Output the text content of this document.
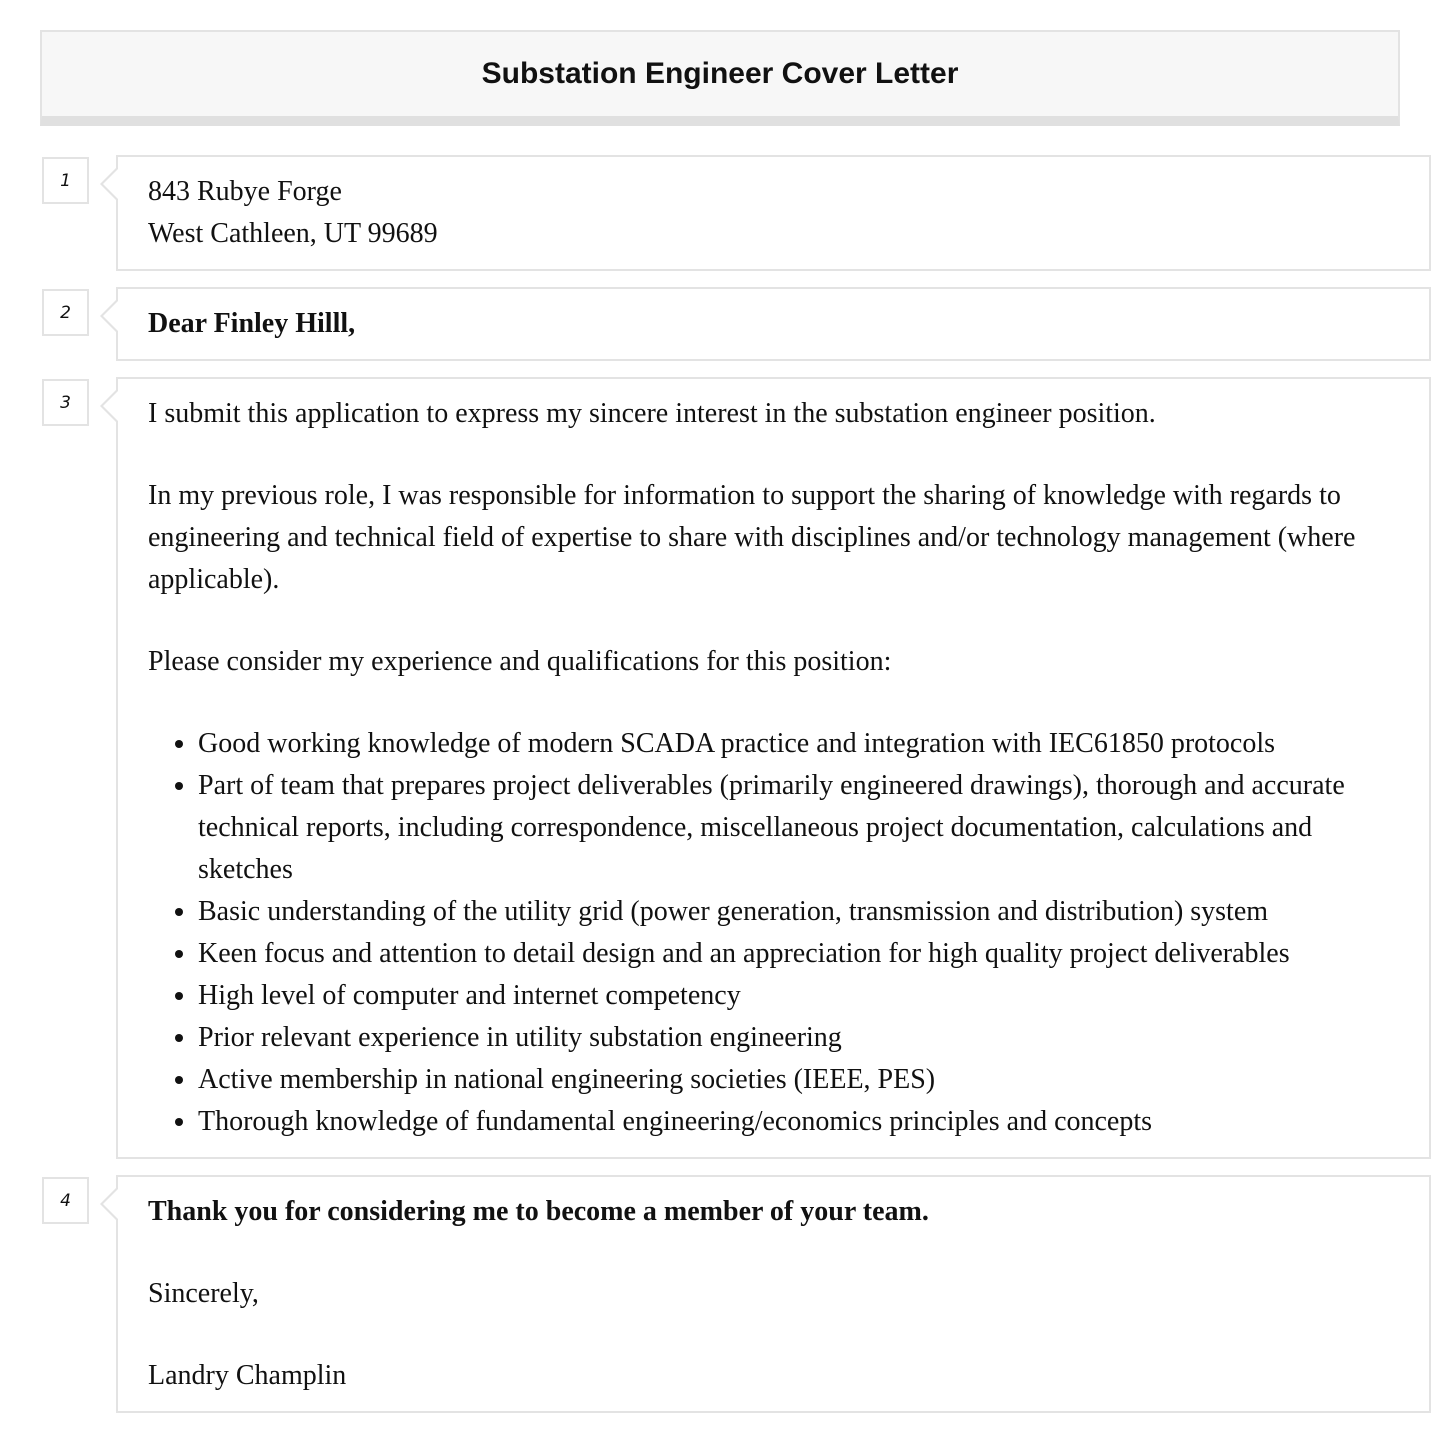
Substation Engineer Cover Letter
1	843 Rubye Forge

West Cathleen, UT 99689

2	Dear Finley Hilll,

3	I submit this application to express my sincere interest in the substation engineer position.

In my previous role, I was responsible for information to support the sharing of knowledge with regards to engineering and technical field of expertise to share with disciplines and/or technology management (where applicable).

Please consider my experience and qualifications for this position:

• Good working knowledge of modern SCADA practice and integration with IEC61850 protocols
• Part of team that prepares project deliverables (primarily engineered drawings), thorough and accurate technical reports, including correspondence, miscellaneous project documentation, calculations and sketches
• Basic understanding of the utility grid (power generation, transmission and distribution) system
• Keen focus and attention to detail design and an appreciation for high quality project deliverables
• High level of computer and internet competency
• Prior relevant experience in utility substation engineering
• Active membership in national engineering societies (IEEE, PES)
• Thorough knowledge of fundamental engineering/economics principles and concepts
4	Thank you for considering me to become a member of your team.

Sincerely,

Landry Champlin
